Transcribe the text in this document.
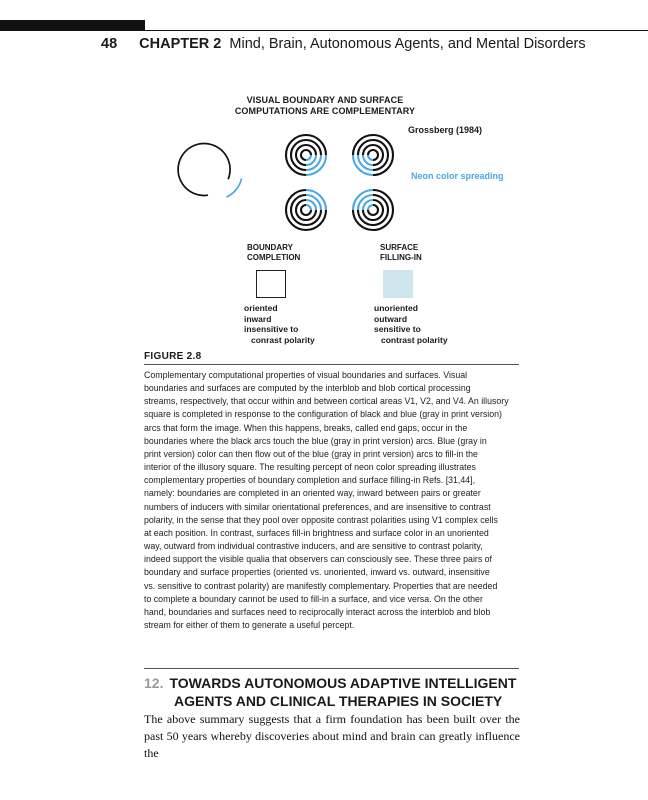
48 CHAPTER 2 Mind, Brain, Autonomous Agents, and Mental Disorders
VISUAL BOUNDARY AND SURFACE
COMPUTATIONS ARE COMPLEMENTARY
Grossberg (1984)
Neon color spreading
BOUNDARY
COMPLETION
SURFACE
FILLING-IN
oriented
inward
insensitive to
conrast polarity
unoriented
outward
sensitive to
contrast polarity
FIGURE 2.8

Complementary computational properties of visual boundaries and surfaces. Visual

boundaries and surfaces are computed by the interblob and blob cortical processing

streams, respectively, that occur within and between cortical areas V1, V2, and V4. An illusory

square is completed in response to the configuration of black and blue (gray in print version)

arcs that form the image. When this happens, breaks, called end gaps, occur in the

boundaries where the black arcs touch the blue (gray in print version) arcs. Blue (gray in

print version) color can then flow out of the blue (gray in print version) arcs to fill-in the

interior of the illusory square. The resulting percept of neon color spreading illustrates

complementary properties of boundary completion and surface filling-in Refs. [31,44],

namely: boundaries are completed in an oriented way, inward between pairs or greater

numbers of inducers with similar orientational preferences, and are insensitive to contrast

polarity, in the sense that they pool over opposite contrast polarities using V1 complex cells

at each position. In contrast, surfaces fill-in brightness and surface color in an unoriented

way, outward from individual contrastive inducers, and are sensitive to contrast polarity,

indeed support the visible qualia that observers can consciously see. These three pairs of

boundary and surface properties (oriented vs. unoriented, inward vs. outward, insensitive

vs. sensitive to contrast polarity) are manifestly complementary. Properties that are needed

to complete a boundary cannot be used to fill-in a surface, and vice versa. On the other

hand, boundaries and surfaces need to reciprocally interact across the interblob and blob

stream for either of them to generate a useful percept.

12. TOWARDS AUTONOMOUS ADAPTIVE INTELLIGENT
AGENTS AND CLINICAL THERAPIES IN SOCIETY

The above summary suggests that a firm foundation has been built over the past 50 years whereby discoveries about mind and brain can greatly influence the
